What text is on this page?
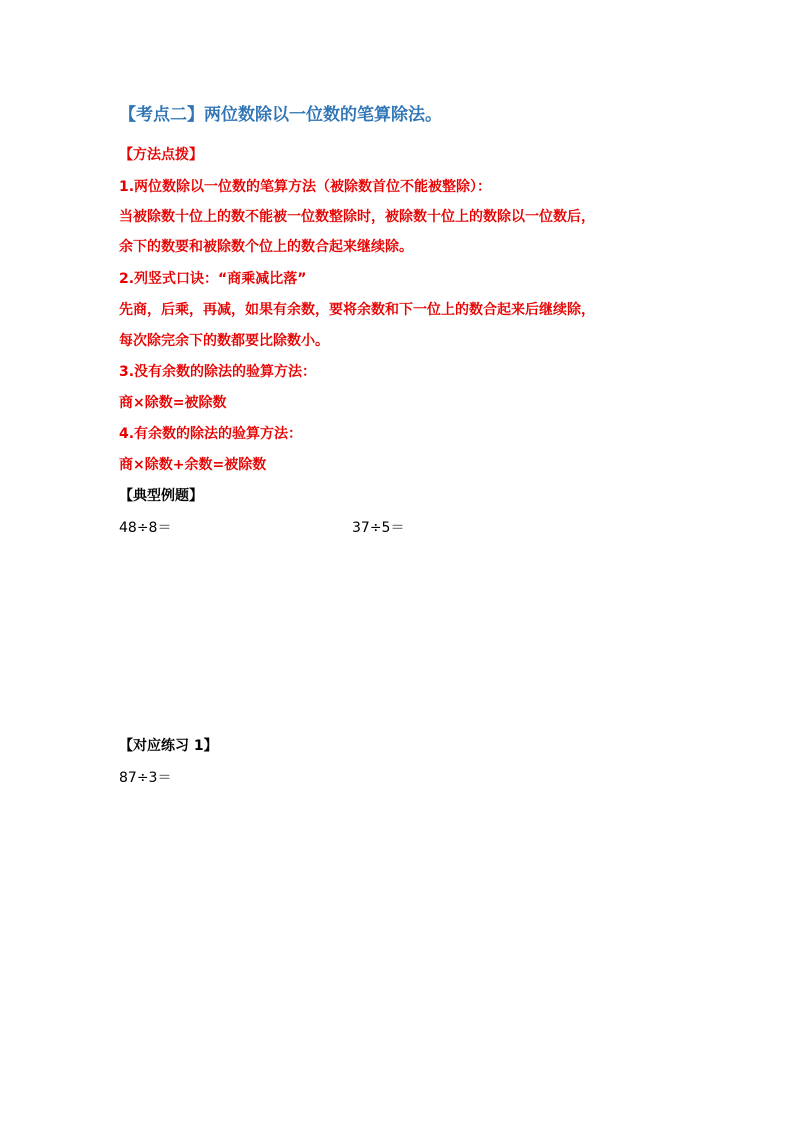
【考点二】两位数除以一位数的笔算除法。
【方法点拨】
1.两位数除以一位数的笔算方法（被除数首位不能被整除）：
当被除数十位上的数不能被一位数整除时，被除数十位上的数除以一位数后，
余下的数要和被除数个位上的数合起来继续除。
2.列竖式口诀：“商乘减比落”
先商，后乘，再减，如果有余数，要将余数和下一位上的数合起来后继续除，
每次除完余下的数都要比除数小。
3.没有余数的除法的验算方法：
商×除数=被除数
4.有余数的除法的验算方法：
商×除数+余数=被除数
【典型例题】
48÷8＝	37÷5＝
【对应练习 1】
87÷3＝
